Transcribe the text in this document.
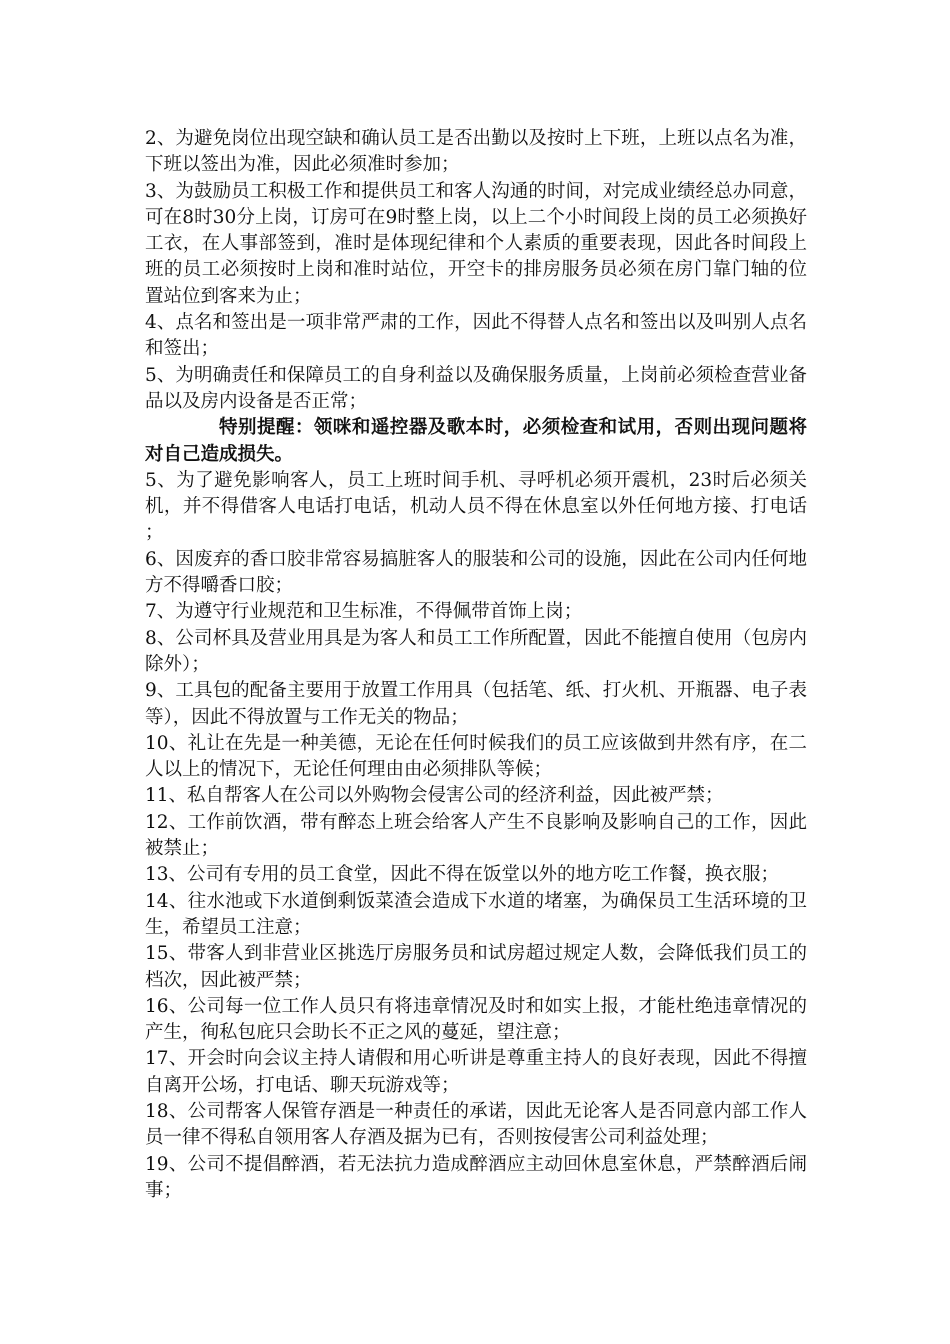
2、为避免岗位出现空缺和确认员工是否出勤以及按时上下班，上班以点名为准，下班以签出为准，因此必须准时参加；

3、为鼓励员工积极工作和提供员工和客人沟通的时间，对完成业绩经总办同意，可在8时30分上岗，订房可在9时整上岗，以上二个小时间段上岗的员工必须换好工衣，在人事部签到，准时是体现纪律和个人素质的重要表现，因此各时间段上班的员工必须按时上岗和准时站位，开空卡的排房服务员必须在房门靠门轴的位置站位到客来为止；

4、点名和签出是一项非常严肃的工作，因此不得替人点名和签出以及叫别人点名和签出；

5、为明确责任和保障员工的自身利益以及确保服务质量，上岗前必须检查营业备品以及房内设备是否正常；

特别提醒：领咪和遥控器及歌本时，必须检查和试用，否则出现问题将对自己造成损失。

5、为了避免影响客人，员工上班时间手机、寻呼机必须开震机，23时后必须关机，并不得借客人电话打电话，机动人员不得在休息室以外任何地方接、打电话；

6、因废弃的香口胶非常容易搞脏客人的服装和公司的设施，因此在公司内任何地方不得嚼香口胶；

7、为遵守行业规范和卫生标准，不得佩带首饰上岗；

8、公司杯具及营业用具是为客人和员工工作所配置，因此不能擅自使用（包房内除外）；

9、工具包的配备主要用于放置工作用具（包括笔、纸、打火机、开瓶器、电子表等），因此不得放置与工作无关的物品；

10、礼让在先是一种美德，无论在任何时候我们的员工应该做到井然有序，在二人以上的情况下，无论任何理由由必须排队等候；

11、私自帮客人在公司以外购物会侵害公司的经济利益，因此被严禁；

12、工作前饮酒，带有醉态上班会给客人产生不良影响及影响自己的工作，因此被禁止；

13、公司有专用的员工食堂，因此不得在饭堂以外的地方吃工作餐，换衣服；

14、往水池或下水道倒剩饭菜渣会造成下水道的堵塞，为确保员工生活环境的卫生，希望员工注意；

15、带客人到非营业区挑选厅房服务员和试房超过规定人数，会降低我们员工的档次，因此被严禁；

16、公司每一位工作人员只有将违章情况及时和如实上报，才能杜绝违章情况的产生，徇私包庇只会助长不正之风的蔓延，望注意；

17、开会时向会议主持人请假和用心听讲是尊重主持人的良好表现，因此不得擅自离开公场，打电话、聊天玩游戏等；

18、公司帮客人保管存酒是一种责任的承诺，因此无论客人是否同意内部工作人员一律不得私自领用客人存酒及据为已有，否则按侵害公司利益处理；

19、公司不提倡醉酒，若无法抗力造成醉酒应主动回休息室休息，严禁醉酒后闹事；
